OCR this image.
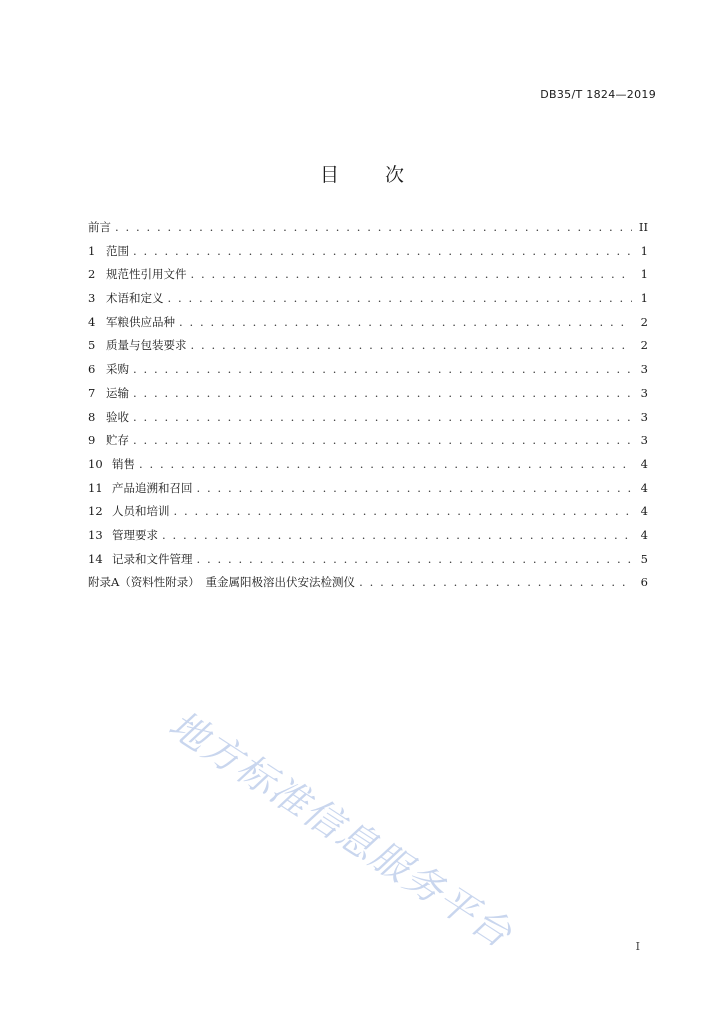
DB35/T 1824—2019
目 次
前言 . . .	II
1 范围 . . .	1
2 规范性引用文件 . . .	1
3 术语和定义 . . .	1
4 军粮供应品种 . . .	2
5 质量与包装要求 . . .	2
6 采购 . . .	3
7 运输 . . .	3
8 验收 . . .	3
9 贮存 . . .	3
10 销售 . . .	4
11 产品追溯和召回 . . .	4
12 人员和培训 . . .	4
13 管理要求 . . .	4
14 记录和文件管理 . . .	5
附录A（资料性附录）　重金属阳极溶出伏安法检测仪 . . .	6
地方标准信息服务平台	I
